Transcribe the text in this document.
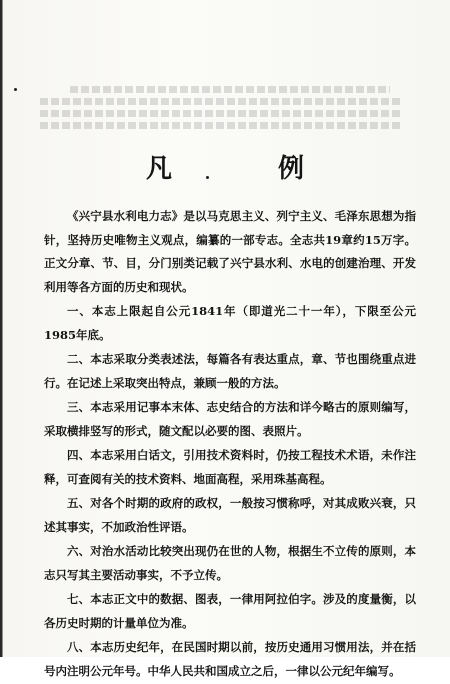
凡　例

《兴宁县水利电力志》是以马克思主义、列宁主义、毛泽东思想为指针，坚持历史唯物主义观点，编纂的一部专志。全志共19章约15万字。正文分章、节、目，分门别类记载了兴宁县水利、水电的创建治理、开发利用等各方面的历史和现状。

一、本志上限起自公元1841年（即道光二十一年），下限至公元1985年底。

二、本志采取分类表述法，每篇各有表达重点，章、节也围绕重点进行。在记述上采取突出特点，兼顾一般的方法。

三、本志采用记事本末体、志史结合的方法和详今略古的原则编写，采取横排竖写的形式，随文配以必要的图、表照片。

四、本志采用白话文，引用技术资料时，仍按工程技术术语，未作注释，可查阅有关的技术资料、地面高程，采用珠基高程。

五、对各个时期的政府的政权，一般按习惯称呼，对其成败兴衰，只述其事实，不加政治性评语。

六、对治水活动比较突出现仍在世的人物，根据生不立传的原则，本志只写其主要活动事实，不予立传。

七、本志正文中的数据、图表，一律用阿拉伯字。涉及的度量衡，以各历史时期的计量单位为准。

八、本志历史纪年，在民国时期以前，按历史通用习惯用法，并在括号内注明公元年号。中华人民共和国成立之后，一律以公元纪年编写。
